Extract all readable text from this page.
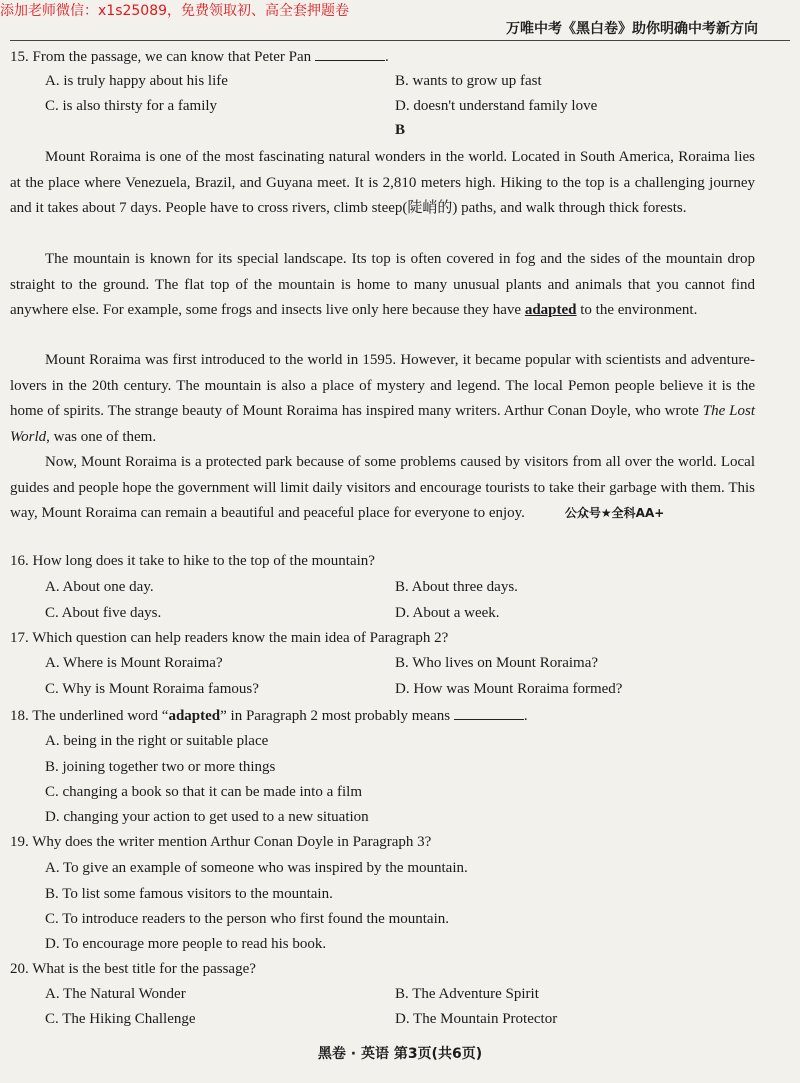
添加老师微信：x1s25089，免费领取初、高全套押题卷
万唯中考《黑白卷》助你明确中考新方向
15. From the passage, we can know that Peter Pan	.
A. is truly happy about his life	B. wants to grow up fast
C. is also thirsty for a family	D. doesn't understand family love
B
Mount Roraima is one of the most fascinating natural wonders in the world. Located in South America, Roraima lies at the place where Venezuela, Brazil, and Guyana meet. It is 2,810 meters high. Hiking to the top is a challenging journey and it takes about 7 days. People have to cross rivers, climb steep(陡峭的) paths, and walk through thick forests.
The mountain is known for its special landscape. Its top is often covered in fog and the sides of the mountain drop straight to the ground. The flat top of the mountain is home to many unusual plants and animals that you cannot find anywhere else. For example, some frogs and insects live only here because they have adapted to the environment.
Mount Roraima was first introduced to the world in 1595. However, it became popular with scientists and adventure-lovers in the 20th century. The mountain is also a place of mystery and legend. The local Pemon people believe it is the home of spirits. The strange beauty of Mount Roraima has inspired many writers. Arthur Conan Doyle, who wrote The Lost World, was one of them.
Now, Mount Roraima is a protected park because of some problems caused by visitors from all over the world. Local guides and people hope the government will limit daily visitors and encourage tourists to take their garbage with them. This way, Mount Roraima can remain a beautiful and peaceful place for everyone to enjoy.	公众号★全科AA+
16. How long does it take to hike to the top of the mountain?
A. About one day.	B. About three days.
C. About five days.	D. About a week.
17. Which question can help readers know the main idea of Paragraph 2?
A. Where is Mount Roraima?	B. Who lives on Mount Roraima?
C. Why is Mount Roraima famous?	D. How was Mount Roraima formed?
18. The underlined word “adapted” in Paragraph 2 most probably means	.
A. being in the right or suitable place
B. joining together two or more things
C. changing a book so that it can be made into a film
D. changing your action to get used to a new situation
19. Why does the writer mention Arthur Conan Doyle in Paragraph 3?
A. To give an example of someone who was inspired by the mountain.
B. To list some famous visitors to the mountain.
C. To introduce readers to the person who first found the mountain.
D. To encourage more people to read his book.
20. What is the best title for the passage?
A. The Natural Wonder	B. The Adventure Spirit
C. The Hiking Challenge	D. The Mountain Protector
黑卷 · 英语 第3页(共6页)
